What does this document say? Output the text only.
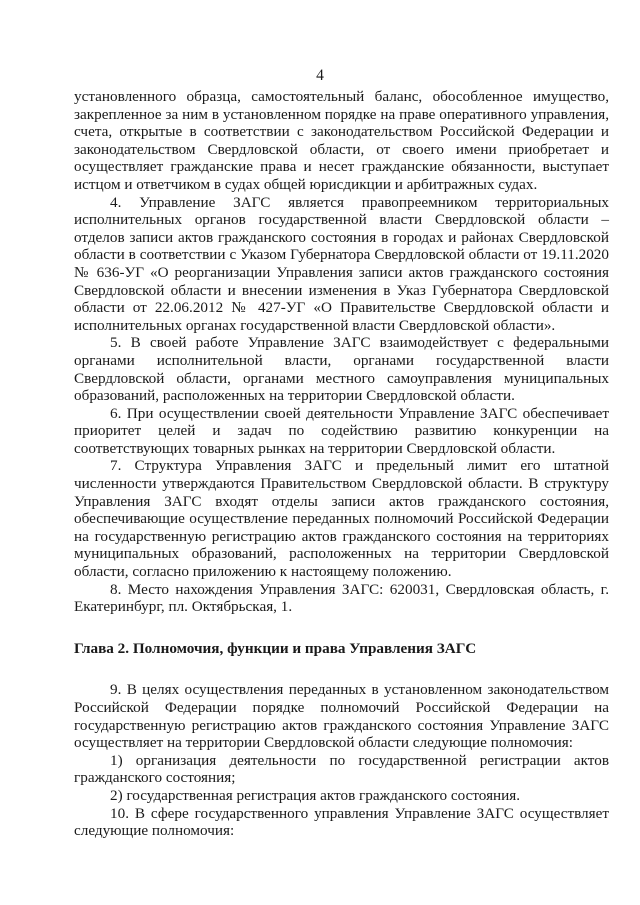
4

установленного образца, самостоятельный баланс, обособленное имущество, закрепленное за ним в установленном порядке на праве оперативного управления, счета, открытые в соответствии с законодательством Российской Федерации и законодательством Свердловской области, от своего имени приобретает и осуществляет гражданские права и несет гражданские обязанности, выступает истцом и ответчиком в судах общей юрисдикции и арбитражных судах.

4. Управление ЗАГС является правопреемником территориальных исполнительных органов государственной власти Свердловской области – отделов записи актов гражданского состояния в городах и районах Свердловской области в соответствии с Указом Губернатора Свердловской области от 19.11.2020 № 636-УГ «О реорганизации Управления записи актов гражданского состояния Свердловской области и внесении изменения в Указ Губернатора Свердловской области от 22.06.2012 № 427-УГ «О Правительстве Свердловской области и исполнительных органах государственной власти Свердловской области».

5. В своей работе Управление ЗАГС взаимодействует с федеральными органами исполнительной власти, органами государственной власти Свердловской области, органами местного самоуправления муниципальных образований, расположенных на территории Свердловской области.

6. При осуществлении своей деятельности Управление ЗАГС обеспечивает приоритет целей и задач по содействию развитию конкуренции на соответствующих товарных рынках на территории Свердловской области.

7. Структура Управления ЗАГС и предельный лимит его штатной численности утверждаются Правительством Свердловской области. В структуру Управления ЗАГС входят отделы записи актов гражданского состояния, обеспечивающие осуществление переданных полномочий Российской Федерации на государственную регистрацию актов гражданского состояния на территориях муниципальных образований, расположенных на территории Свердловской области, согласно приложению к настоящему положению.

8. Место нахождения Управления ЗАГС: 620031, Свердловская область, г. Екатеринбург, пл. Октябрьская, 1.

Глава 2. Полномочия, функции и права Управления ЗАГС

9. В целях осуществления переданных в установленном законодательством Российской Федерации порядке полномочий Российской Федерации на государственную регистрацию актов гражданского состояния Управление ЗАГС осуществляет на территории Свердловской области следующие полномочия:

1) организация деятельности по государственной регистрации актов гражданского состояния;

2) государственная регистрация актов гражданского состояния.

10. В сфере государственного управления Управление ЗАГС осуществляет следующие полномочия:
